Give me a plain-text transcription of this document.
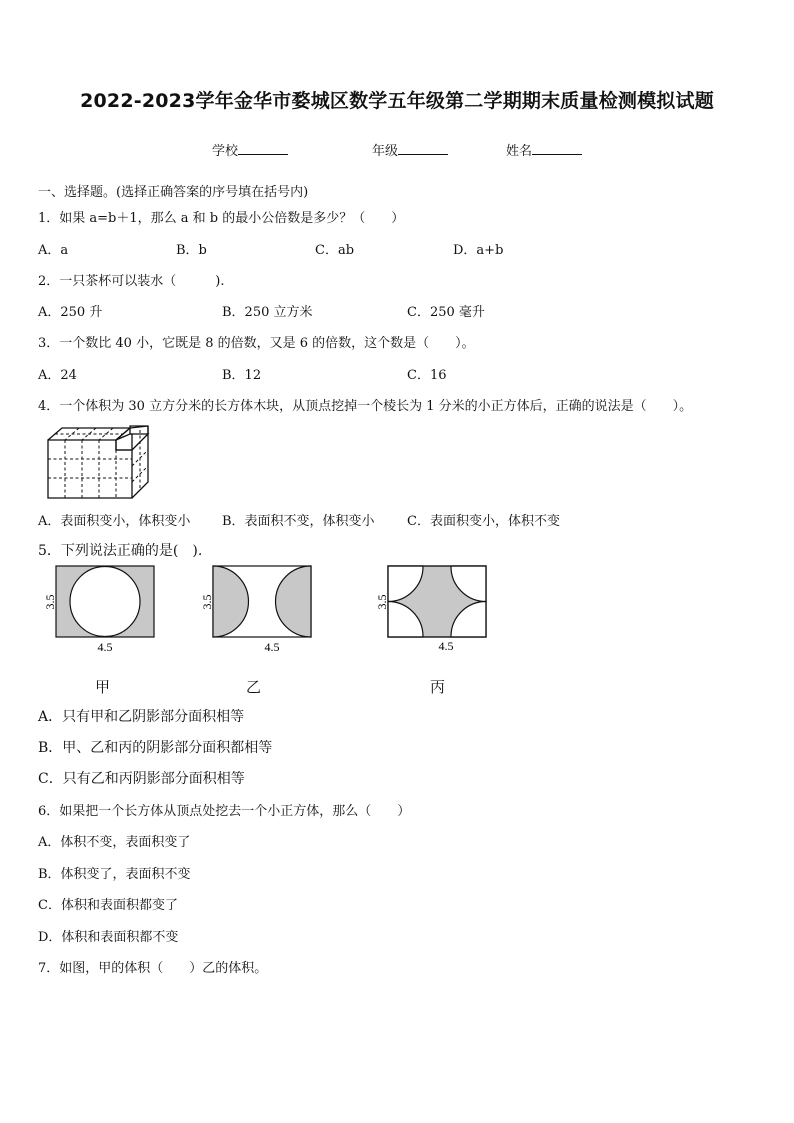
2022-2023学年金华市婺城区数学五年级第二学期期末质量检测模拟试题
学校	年级	姓名
一、选择题。(选择正确答案的序号填在括号内)
1．如果 a=b＋1，那么 a 和 b 的最小公倍数是多少？（　　）
A．a	B．b	C．ab	D．a+b
2．一只茶杯可以装水（　　　).
A．250 升	B．250 立方米	C．250 毫升
3．一个数比 40 小，它既是 8 的倍数，又是 6 的倍数，这个数是（　　）。
A．24	B．12	C．16
4．一个体积为 30 立方分米的长方体木块，从顶点挖掉一个棱长为 1 分米的小正方体后，正确的说法是（　　）。
A．表面积变小，体积变小 B．表面积不变，体积变小 C．表面积变小，体积不变
5．下列说法正确的是(　).
3.5
4.5
3.5
4.5
3.5
4.5
甲	乙	丙
A．只有甲和乙阴影部分面积相等
B．甲、乙和丙的阴影部分面积都相等
C．只有乙和丙阴影部分面积相等
6．如果把一个长方体从顶点处挖去一个小正方体，那么（　　）
A．体积不变，表面积变了
B．体积变了，表面积不变
C．体积和表面积都变了
D．体积和表面积都不变
7．如图，甲的体积（　　）乙的体积。
